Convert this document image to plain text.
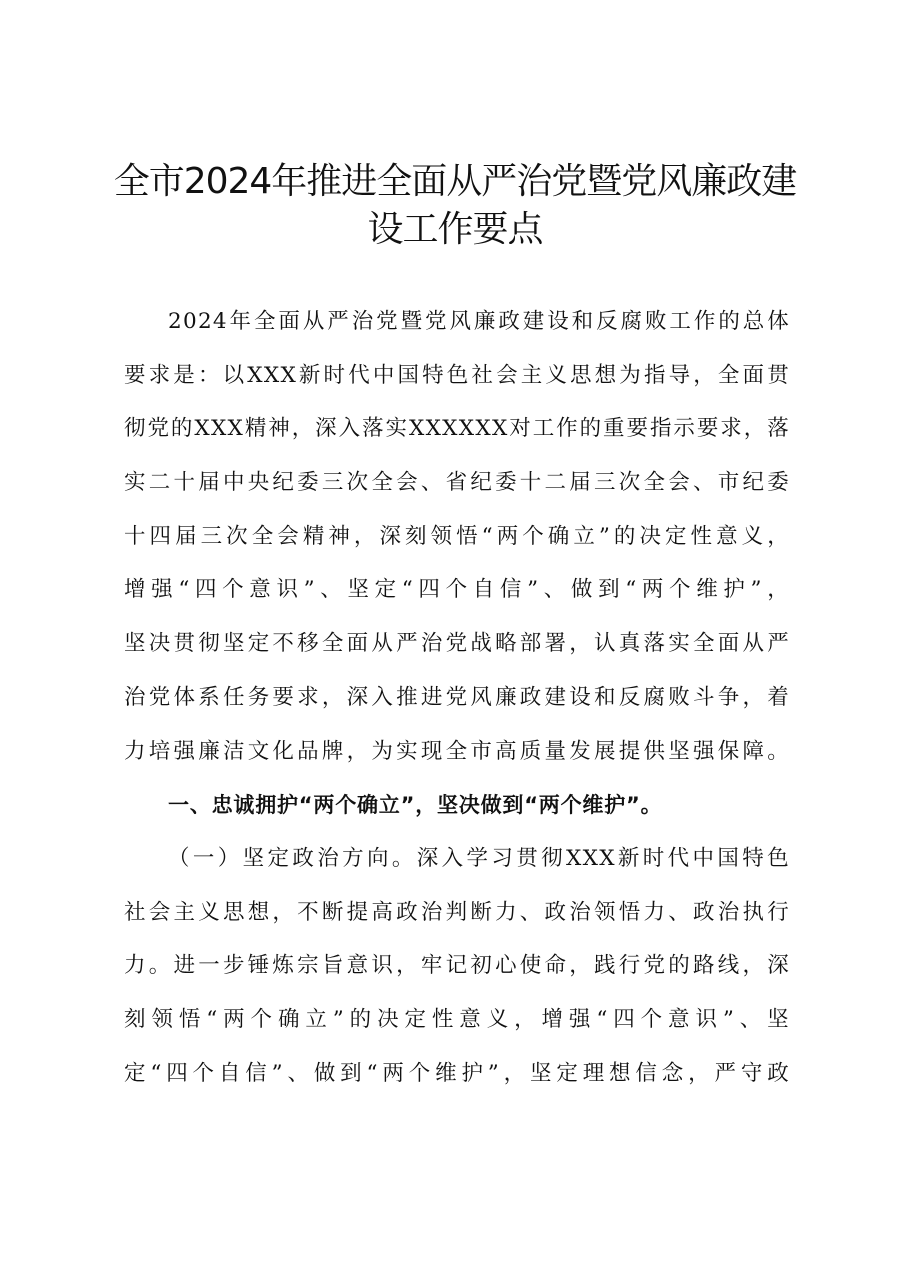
全市2024年推进全面从严治党暨党风廉政建
设工作要点
2024年全面从严治党暨党风廉政建设和反腐败工作的总体
要求是：以XXX新时代中国特色社会主义思想为指导，全面贯
彻党的XXX精神，深入落实XXXXXX对工作的重要指示要求，落
实二十届中央纪委三次全会、省纪委十二届三次全会、市纪委
十四届三次全会精神，深刻领悟“两个确立”的决定性意义，
增强“四个意识”、坚定“四个自信”、做到“两个维护”，
坚决贯彻坚定不移全面从严治党战略部署，认真落实全面从严
治党体系任务要求，深入推进党风廉政建设和反腐败斗争，着
力培强廉洁文化品牌，为实现全市高质量发展提供坚强保障。
一、忠诚拥护“两个确立”，坚决做到“两个维护”。
（一）坚定政治方向。深入学习贯彻XXX新时代中国特色
社会主义思想，不断提高政治判断力、政治领悟力、政治执行
力。进一步锤炼宗旨意识，牢记初心使命，践行党的路线，深
刻领悟“两个确立”的决定性意义，增强“四个意识”、坚
定“四个自信”、做到“两个维护”，坚定理想信念，严守政
